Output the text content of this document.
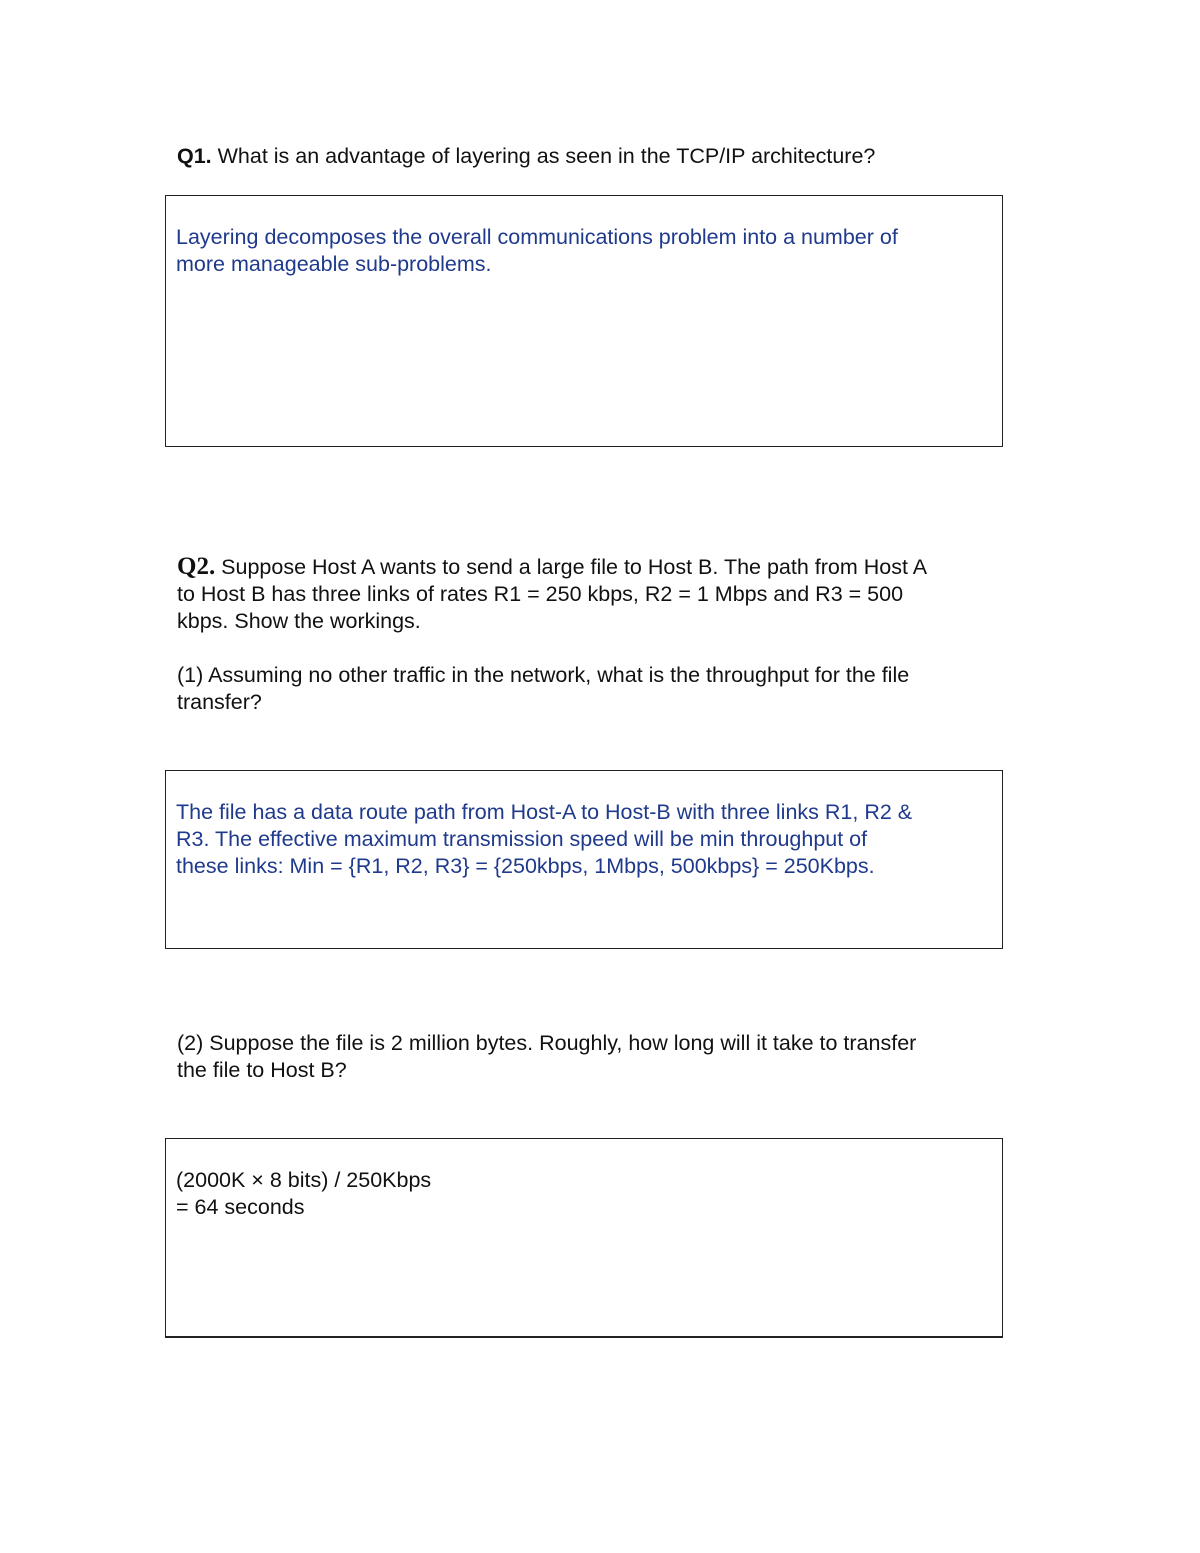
Q1. What is an advantage of layering as seen in the TCP/IP architecture?

Layering decomposes the overall communications problem into a number of
more manageable sub-problems.

Q2. Suppose Host A wants to send a large file to Host B. The path from Host A
to Host B has three links of rates R1 = 250 kbps, R2 = 1 Mbps and R3 = 500
kbps. Show the workings.

(1) Assuming no other traffic in the network, what is the throughput for the file
transfer?

The file has a data route path from Host-A to Host-B with three links R1, R2 &
R3. The effective maximum transmission speed will be min throughput of
these links: Min = {R1, R2, R3} = {250kbps, 1Mbps, 500kbps} = 250Kbps.

(2) Suppose the file is 2 million bytes. Roughly, how long will it take to transfer
the file to Host B?

(2000K × 8 bits) / 250Kbps
= 64 seconds
